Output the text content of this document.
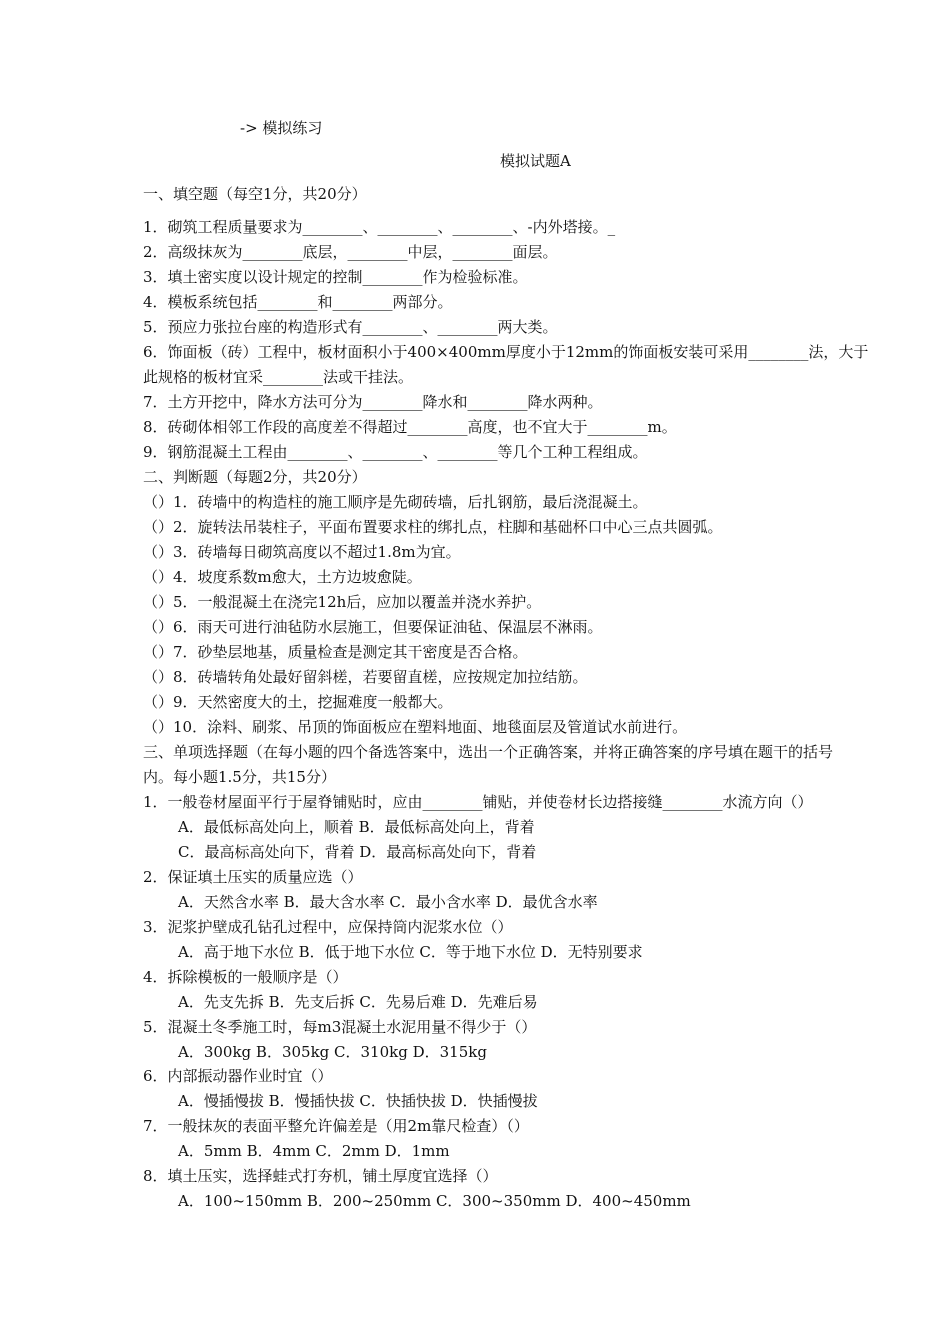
-> 模拟练习
模拟试题A
一、填空题（每空1分，共20分）
1．砌筑工程质量要求为________、________、________、-内外塔接。_
2．高级抹灰为________底层，________中层，________面层。
3．填土密实度以设计规定的控制________作为检验标准。
4．模板系统包括________和________两部分。
5．预应力张拉台座的构造形式有________、________两大类。
6．饰面板（砖）工程中，板材面积小于400×400mm厚度小于12mm的饰面板安装可采用________法，大于
此规格的板材宜采________法或干挂法。
7．土方开挖中，降水方法可分为________降水和________降水两种。
8．砖砌体相邻工作段的高度差不得超过________高度，也不宜大于________m。
9．钢筋混凝土工程由________、________、________等几个工种工程组成。
二、判断题（每题2分，共20分）
（）1．砖墙中的构造柱的施工顺序是先砌砖墙，后扎钢筋，最后浇混凝土。
（）2．旋转法吊装柱子，平面布置要求柱的绑扎点，柱脚和基础杯口中心三点共圆弧。
（）3．砖墙每日砌筑高度以不超过1.8m为宜。
（）4．坡度系数m愈大，土方边坡愈陡。
（）5．一般混凝土在浇完12h后，应加以覆盖并浇水养护。
（）6．雨天可进行油毡防水层施工，但要保证油毡、保温层不淋雨。
（）7．砂垫层地基，质量检查是测定其干密度是否合格。
（）8．砖墙转角处最好留斜槎，若要留直槎，应按规定加拉结筋。
（）9．天然密度大的土，挖掘难度一般都大。
（）10．涂料、刷浆、吊顶的饰面板应在塑料地面、地毯面层及管道试水前进行。
三、单项选择题（在每小题的四个备选答案中，选出一个正确答案，并将正确答案的序号填在题干的括号
内。每小题1.5分，共15分）
1．一般卷材屋面平行于屋脊铺贴时，应由________铺贴，并使卷材长边搭接缝________水流方向（）
A．最低标高处向上，顺着 B．最低标高处向上，背着
C．最高标高处向下，背着 D．最高标高处向下，背着
2．保证填土压实的质量应选（）
A．天然含水率 B．最大含水率 C．最小含水率 D．最优含水率
3．泥浆护壁成孔钻孔过程中，应保持筒内泥浆水位（）
A．高于地下水位 B．低于地下水位 C．等于地下水位 D．无特别要求
4．拆除模板的一般顺序是（）
A．先支先拆 B．先支后拆 C．先易后难 D．先难后易
5．混凝土冬季施工时，每m3混凝土水泥用量不得少于（）
A．300kg B．305kg C．310kg D．315kg
6．内部振动器作业时宜（）
A．慢插慢拔 B．慢插快拔 C．快插快拔 D．快插慢拔
7．一般抹灰的表面平整允许偏差是（用2m靠尺检查）（）
A．5mm B．4mm C．2mm D．1mm
8．填土压实，选择蛙式打夯机，铺土厚度宜选择（）
A．100~150mm B．200~250mm C．300~350mm D．400~450mm
